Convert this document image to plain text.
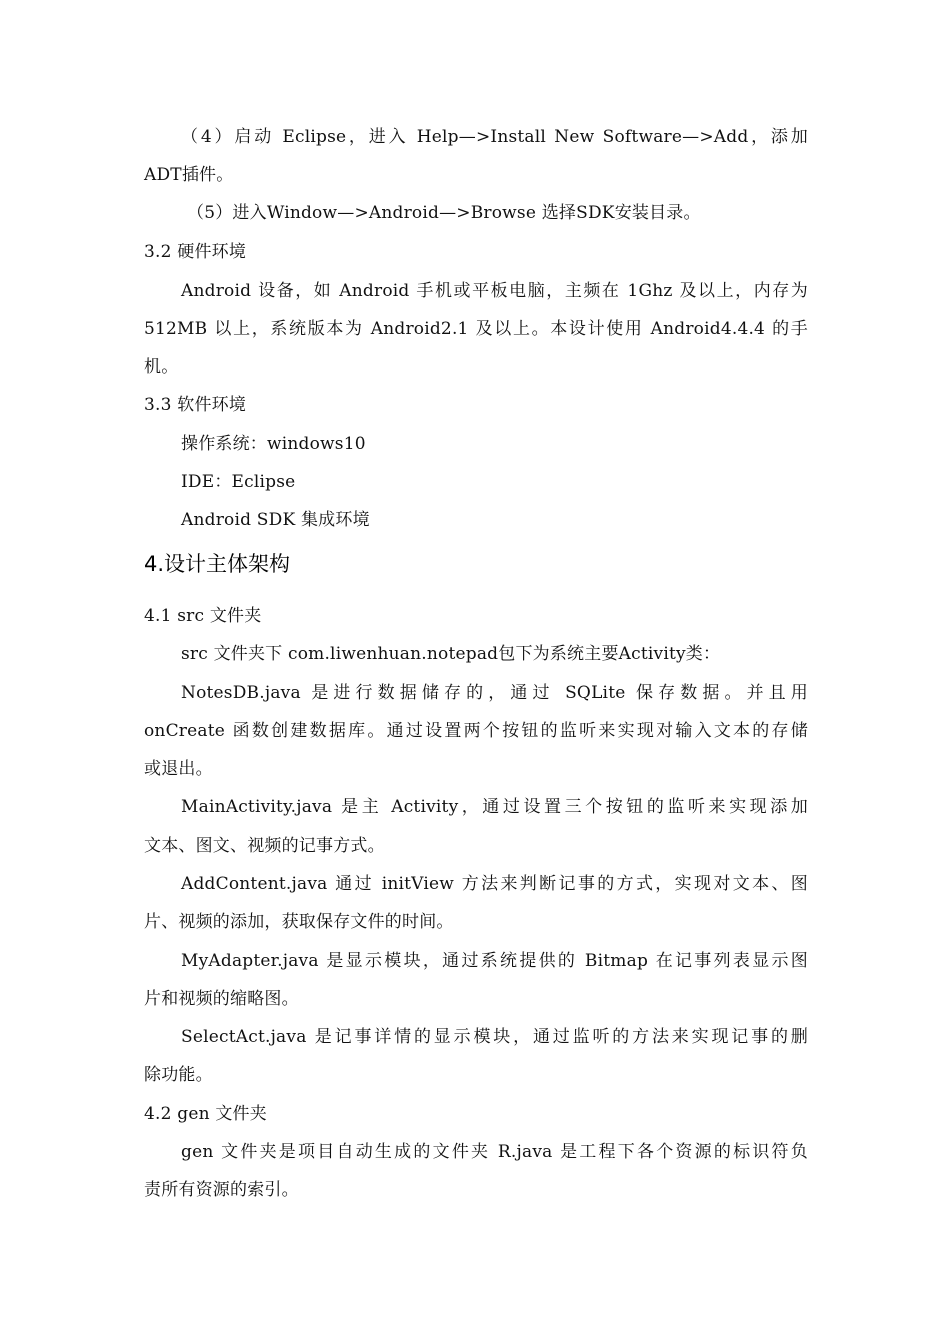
（4）启动 Eclipse，进入 Help—>Install New Software—>Add，添加
ADT插件。
（5）进入Window—>Android—>Browse 选择SDK安装目录。
3.2 硬件环境
Android 设备，如 Android 手机或平板电脑，主频在 1Ghz 及以上，内存为
512MB 以上，系统版本为 Android2.1 及以上。本设计使用 Android4.4.4 的手
机。
3.3 软件环境
操作系统：windows10
IDE：Eclipse
Android SDK 集成环境
4.设计主体架构
4.1 src 文件夹
src 文件夹下 com.liwenhuan.notepad包下为系统主要Activity类：
NotesDB.java 是进行数据储存的，通过 SQLite 保存数据。并且用
onCreate 函数创建数据库。通过设置两个按钮的监听来实现对输入文本的存储
或退出。
MainActivity.java 是主 Activity，通过设置三个按钮的监听来实现添加
文本、图文、视频的记事方式。
AddContent.java 通过 initView 方法来判断记事的方式，实现对文本、图
片、视频的添加，获取保存文件的时间。
MyAdapter.java 是显示模块，通过系统提供的 Bitmap 在记事列表显示图
片和视频的缩略图。
SelectAct.java 是记事详情的显示模块，通过监听的方法来实现记事的删
除功能。
4.2 gen 文件夹
gen 文件夹是项目自动生成的文件夹 R.java 是工程下各个资源的标识符负
责所有资源的索引。
